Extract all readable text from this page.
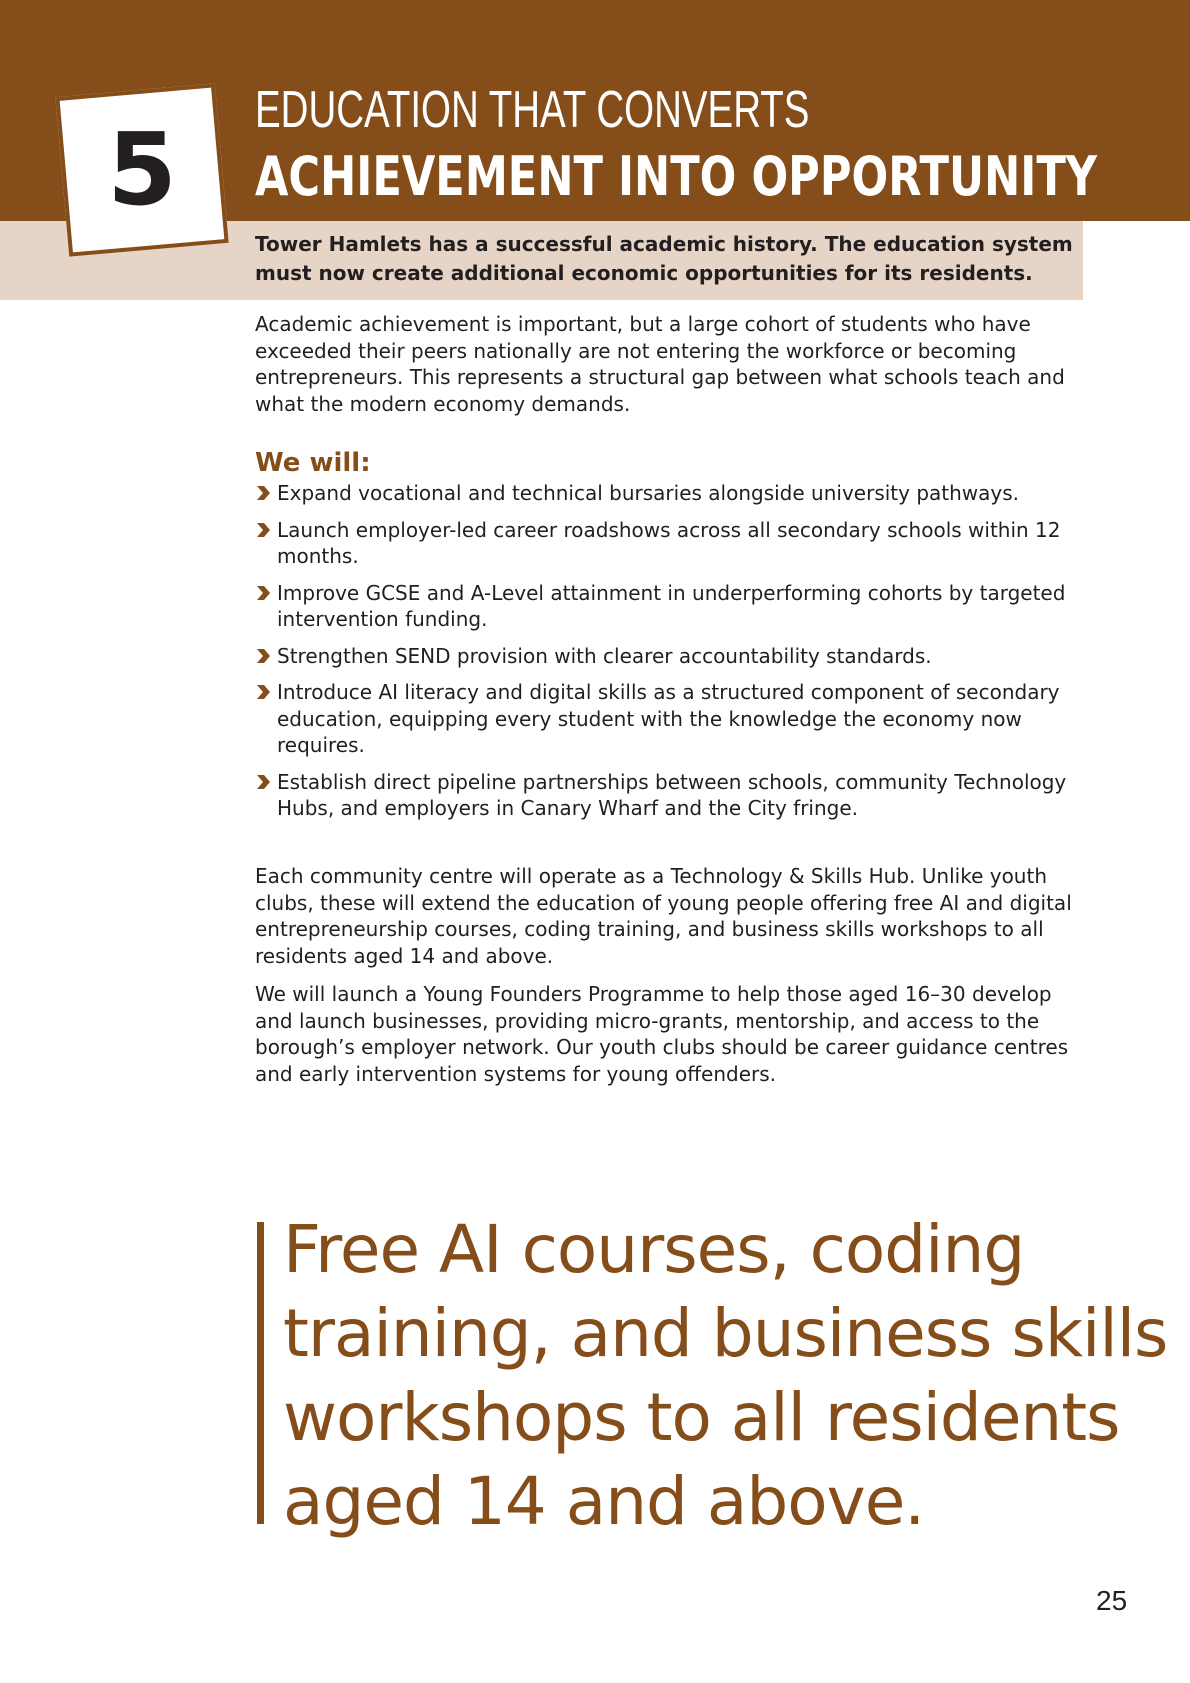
5
EDUCATION THAT CONVERTS
ACHIEVEMENT INTO OPPORTUNITY

Tower Hamlets has a successful academic history. The education system must now create additional economic opportunities for its residents.

Academic achievement is important, but a large cohort of students who have exceeded their peers nationally are not entering the workforce or becoming entrepreneurs. This represents a structural gap between what schools teach and what the modern economy demands.

We will:
Expand vocational and technical bursaries alongside university pathways.
Launch employer-led career roadshows across all secondary schools within 12 months.
Improve GCSE and A-Level attainment in underperforming cohorts by targeted intervention funding.
Strengthen SEND provision with clearer accountability standards.
Introduce AI literacy and digital skills as a structured component of secondary education, equipping every student with the knowledge the economy now requires.
Establish direct pipeline partnerships between schools, community Technology Hubs, and employers in Canary Wharf and the City fringe.

Each community centre will operate as a Technology & Skills Hub. Unlike youth clubs, these will extend the education of young people offering free AI and digital entrepreneurship courses, coding training, and business skills workshops to all residents aged 14 and above.

We will launch a Young Founders Programme to help those aged 16–30 develop and launch businesses, providing micro-grants, mentorship, and access to the borough’s employer network. Our youth clubs should be career guidance centres and early intervention systems for young offenders.

Free AI courses, coding training, and business skills workshops to all residents aged 14 and above.

25
